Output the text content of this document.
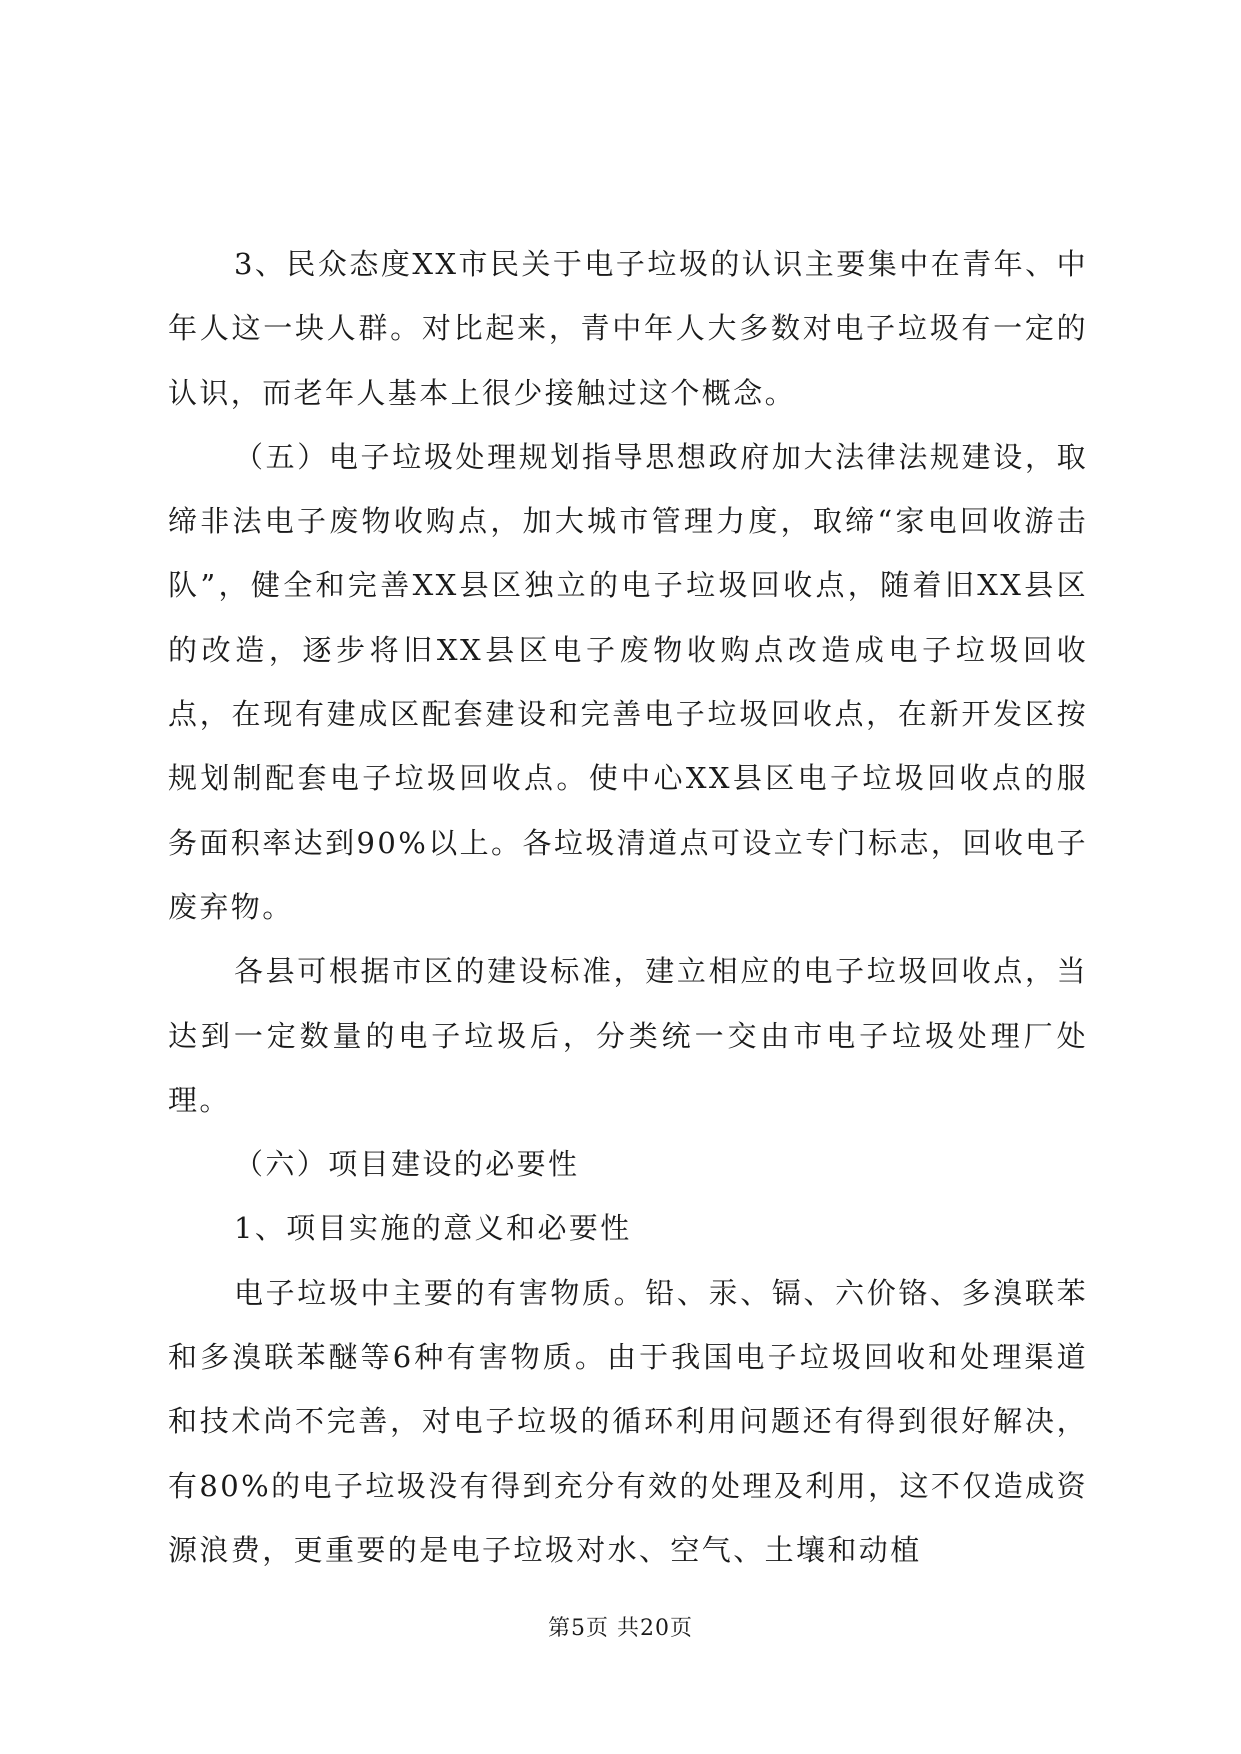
3、民众态度XX市民关于电子垃圾的认识主要集中在青年、中年人这一块人群。对比起来，青中年人大多数对电子垃圾有一定的认识，而老年人基本上很少接触过这个概念。

（五）电子垃圾处理规划指导思想政府加大法律法规建设，取缔非法电子废物收购点，加大城市管理力度，取缔“家电回收游击队”，健全和完善XX县区独立的电子垃圾回收点，随着旧XX县区的改造，逐步将旧XX县区电子废物收购点改造成电子垃圾回收点，在现有建成区配套建设和完善电子垃圾回收点，在新开发区按规划制配套电子垃圾回收点。使中心XX县区电子垃圾回收点的服务面积率达到90%以上。各垃圾清道点可设立专门标志，回收电子废弃物。

各县可根据市区的建设标准，建立相应的电子垃圾回收点，当达到一定数量的电子垃圾后，分类统一交由市电子垃圾处理厂处理。

（六）项目建设的必要性

1、项目实施的意义和必要性

电子垃圾中主要的有害物质。铅、汞、镉、六价铬、多溴联苯和多溴联苯醚等6种有害物质。由于我国电子垃圾回收和处理渠道和技术尚不完善，对电子垃圾的循环利用问题还有得到很好解决，有80%的电子垃圾没有得到充分有效的处理及利用，这不仅造成资源浪费，更重要的是电子垃圾对水、空气、土壤和动植

第5页 共20页
